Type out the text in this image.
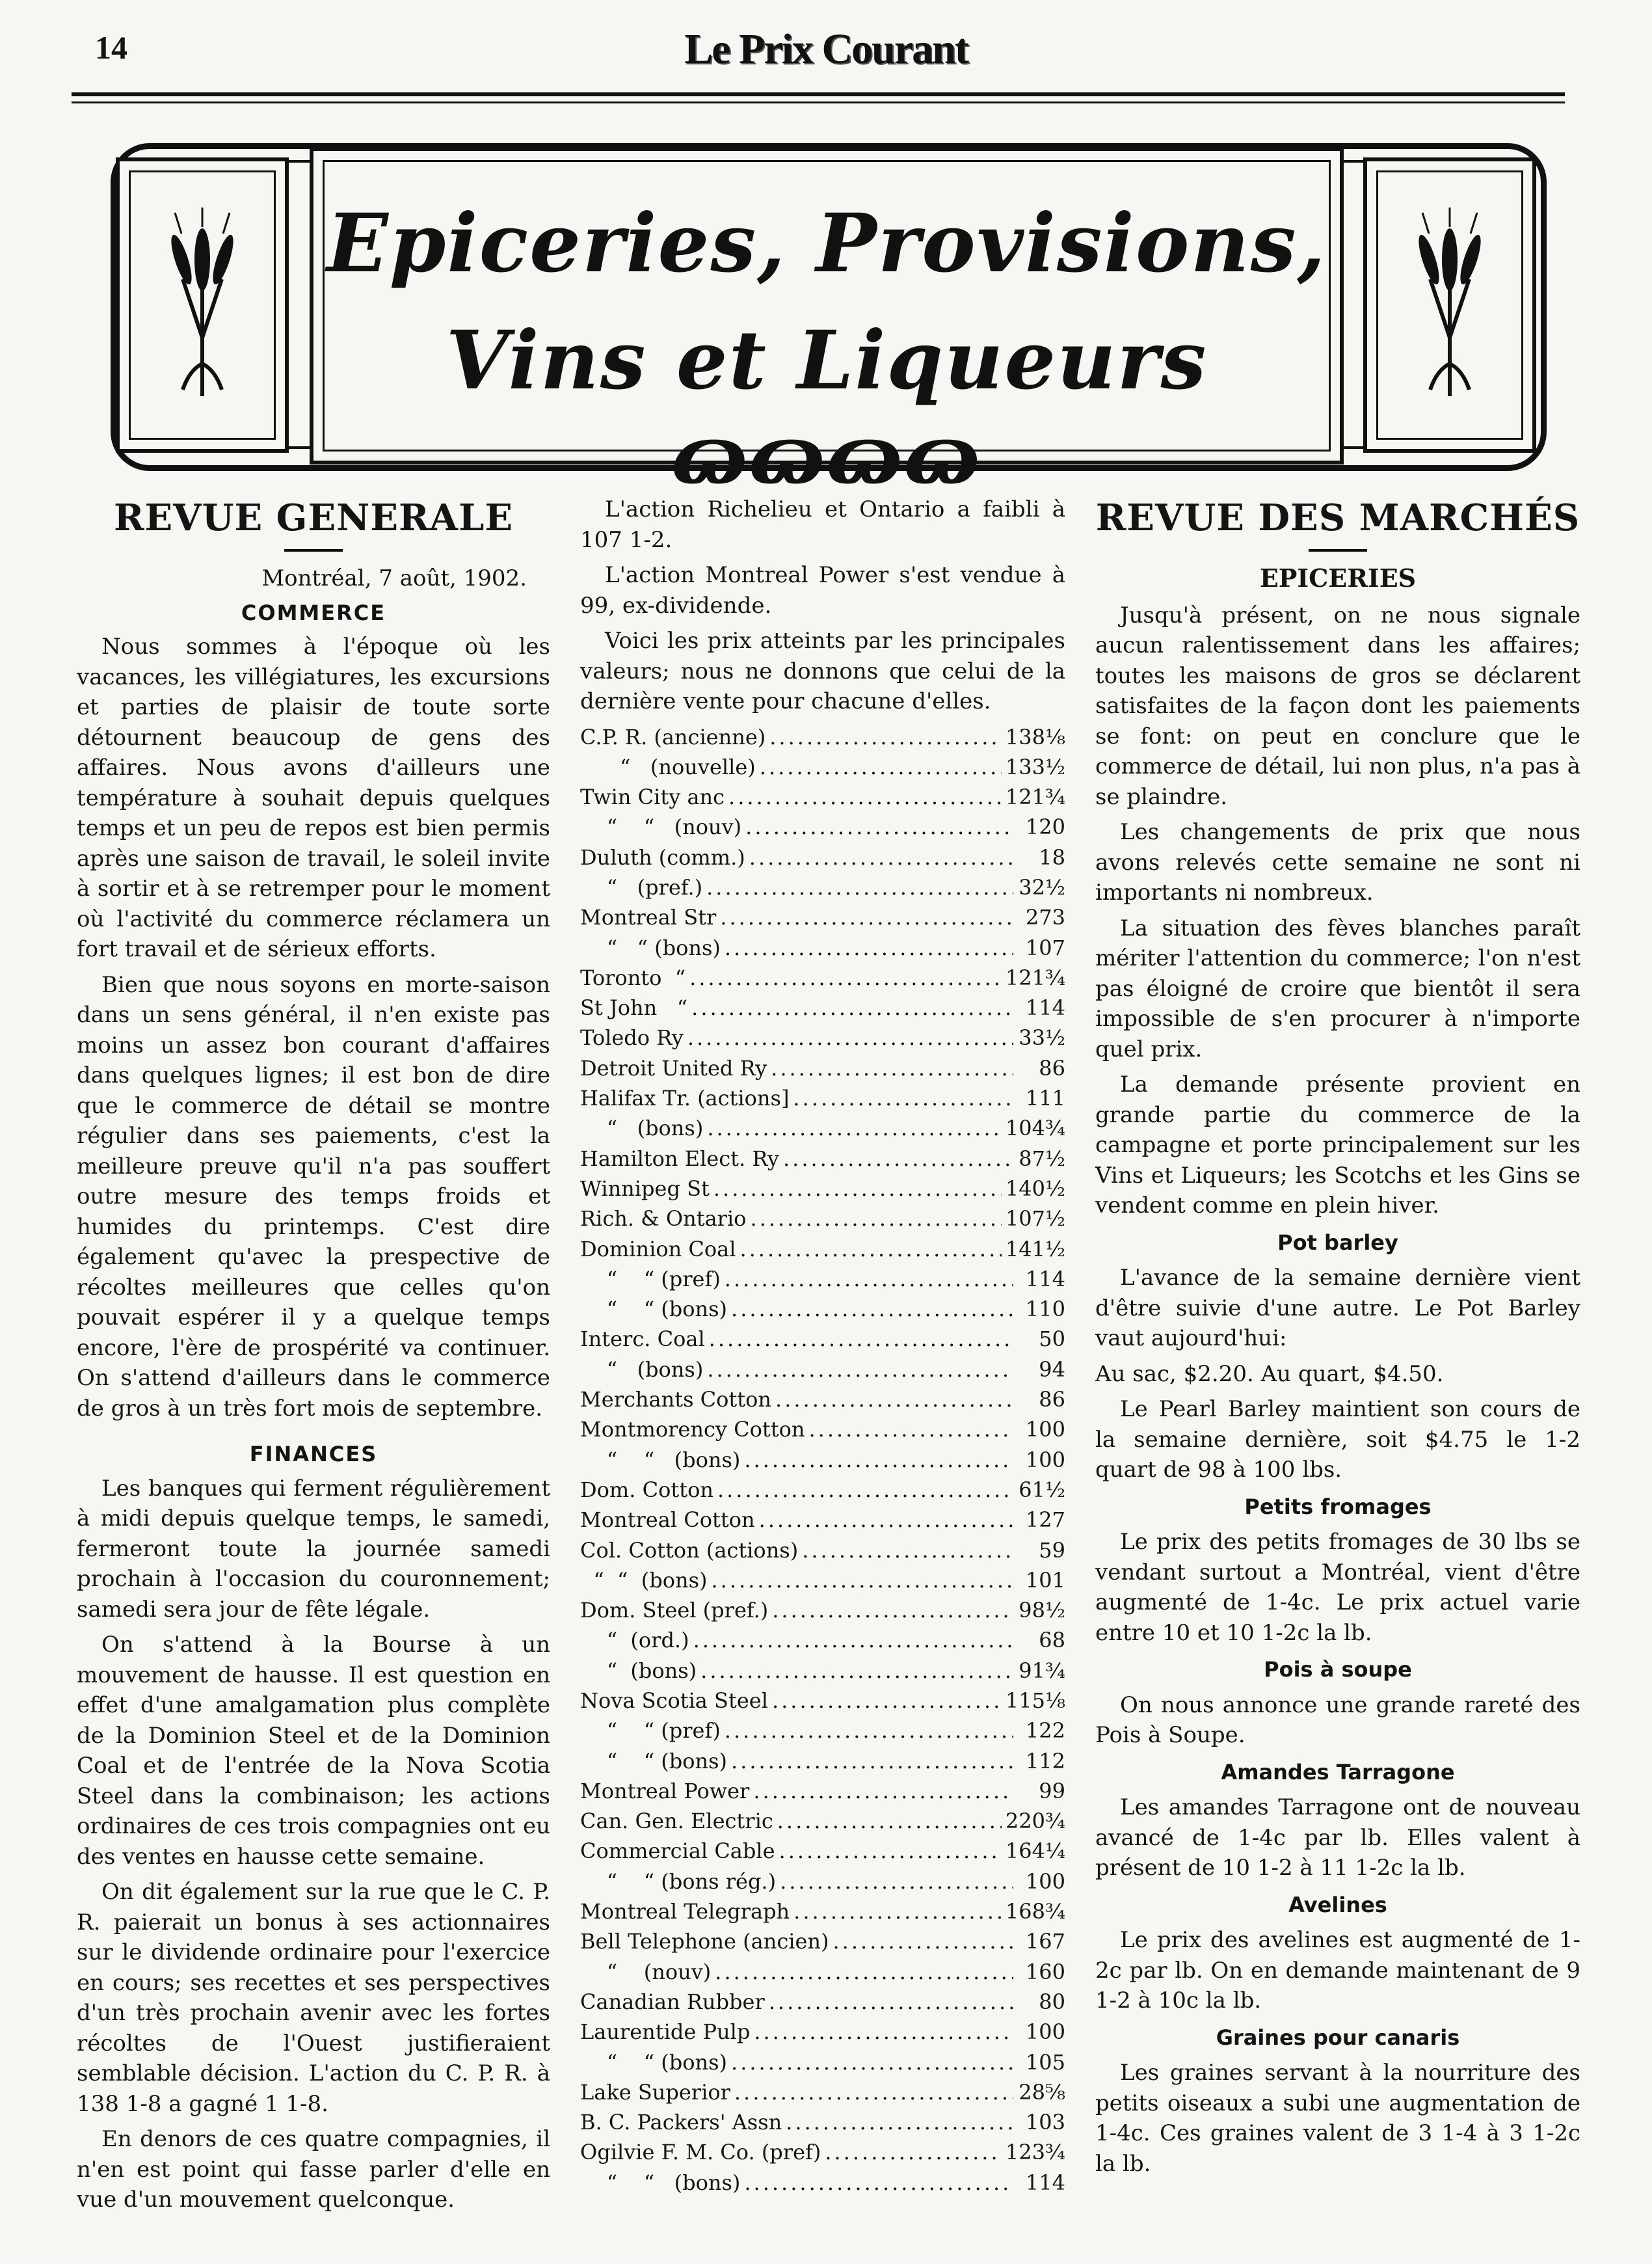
14	Le Prix Courant
Epiceries, Provisions,
Vins et Liqueurs ɷɷɷɷ
REVUE GENERALE
Montréal, 7 août, 1902.
COMMERCE

Nous sommes à l'époque où les vacances, les villégiatures, les excursions et parties de plaisir de toute sorte détournent beaucoup de gens des affaires. Nous avons d'ailleurs une température à souhait depuis quelques temps et un peu de repos est bien permis après une saison de travail, le soleil invite à sortir et à se retremper pour le moment où l'activité du commerce réclamera un fort travail et de sérieux efforts.

Bien que nous soyons en morte-saison dans un sens général, il n'en existe pas moins un assez bon courant d'affaires dans quelques lignes; il est bon de dire que le commerce de détail se montre régulier dans ses paiements, c'est la meilleure preuve qu'il n'a pas souffert outre mesure des temps froids et humides du printemps. C'est dire également qu'avec la prespective de récoltes meilleures que celles qu'on pouvait espérer il y a quelque temps encore, l'ère de prospérité va continuer. On s'attend d'ailleurs dans le commerce de gros à un très fort mois de septembre.

FINANCES

Les banques qui ferment régulièrement à midi depuis quelque temps, le samedi, fermeront toute la journée samedi prochain à l'occasion du couronnement; samedi sera jour de fête légale.

On s'attend à la Bourse à un mouvement de hausse. Il est question en effet d'une amalgamation plus complète de la Dominion Steel et de la Dominion Coal et de l'entrée de la Nova Scotia Steel dans la combinaison; les actions ordinaires de ces trois compagnies ont eu des ventes en hausse cette semaine.

On dit également sur la rue que le C. P. R. paierait un bonus à ses actionnaires sur le dividende ordinaire pour l'exercice en cours; ses recettes et ses perspectives d'un très prochain avenir avec les fortes récoltes de l'Ouest justifieraient semblable décision. L'action du C. P. R. à 138 1-8 a gagné 1 1-8.

En denors de ces quatre compagnies, il n'en est point qui fasse parler d'elle en vue d'un mouvement quelconque.

L'action Richelieu et Ontario a faibli à 107 1-2.

L'action Montreal Power s'est vendue à 99, ex-dividende.

Voici les prix atteints par les principales valeurs; nous ne donnons que celui de la dernière vente pour chacune d'elles.

C.P. R. (ancienne) .....	138⅛
“   (nouvelle) .....	133½
Twin City anc .....	121¾
“    “   (nouv) .....	120
Duluth (comm.) .....	18
“   (pref.) .....	32½
Montreal Str .....	273
“   “ (bons) .....	107
Toronto  “ .....	121¾
St John   “ .....	114
Toledo Ry .....	33½
Detroit United Ry .....	86
Halifax Tr. (actions] .....	111
“   (bons) .....	104¾
Hamilton Elect. Ry .....	87½
Winnipeg St .....	140½
Rich. & Ontario .....	107½
Dominion Coal .....	141½
“    “ (pref) .....	114
“    “ (bons) .....	110
Interc. Coal .....	50
“   (bons) .....	94
Merchants Cotton .....	86
Montmorency Cotton .....	100
“    “   (bons) .....	100
Dom. Cotton .....	61½
Montreal Cotton .....	127
Col. Cotton (actions) .....	59
“  “  (bons) .....	101
Dom. Steel (pref.) .....	98½
“  (ord.) .....	68
“  (bons) .....	91¾
Nova Scotia Steel .....	115⅛
“    “ (pref) .....	122
“    “ (bons) .....	112
Montreal Power .....	99
Can. Gen. Electric .....	220¾
Commercial Cable .....	164¼
“    “ (bons rég.) .....	100
Montreal Telegraph .....	168¾
Bell Telephone (ancien) .....	167
“    (nouv) .....	160
Canadian Rubber .....	80
Laurentide Pulp .....	100
“    “ (bons) .....	105
Lake Superior .....	28⅝
B. C. Packers' Assn .....	103
Ogilvie F. M. Co. (pref) .....	123¾
“    “   (bons) .....	114
REVUE DES MARCHÉS
EPICERIES

Jusqu'à présent, on ne nous signale aucun ralentissement dans les affaires; toutes les maisons de gros se déclarent satisfaites de la façon dont les paiements se font: on peut en conclure que le commerce de détail, lui non plus, n'a pas à se plaindre.

Les changements de prix que nous avons relevés cette semaine ne sont ni importants ni nombreux.

La situation des fèves blanches paraît mériter l'attention du commerce; l'on n'est pas éloigné de croire que bientôt il sera impossible de s'en procurer à n'importe quel prix.

La demande présente provient en grande partie du commerce de la campagne et porte principalement sur les Vins et Liqueurs; les Scotchs et les Gins se vendent comme en plein hiver.

Pot barley

L'avance de la semaine dernière vient d'être suivie d'une autre. Le Pot Barley vaut aujourd'hui:

Au sac, $2.20. Au quart, $4.50.

Le Pearl Barley maintient son cours de la semaine dernière, soit $4.75 le 1-2 quart de 98 à 100 lbs.

Petits fromages

Le prix des petits fromages de 30 lbs se vendant surtout a Montréal, vient d'être augmenté de 1-4c. Le prix actuel varie entre 10 et 10 1-2c la lb.

Pois à soupe

On nous annonce une grande rareté des Pois à Soupe.

Amandes Tarragone

Les amandes Tarragone ont de nouveau avancé de 1-4c par lb. Elles valent à présent de 10 1-2 à 11 1-2c la lb.

Avelines

Le prix des avelines est augmenté de 1-2c par lb. On en demande maintenant de 9 1-2 à 10c la lb.

Graines pour canaris

Les graines servant à la nourriture des petits oiseaux a subi une augmentation de 1-4c. Ces graines valent de 3 1-4 à 3 1-2c la lb.
